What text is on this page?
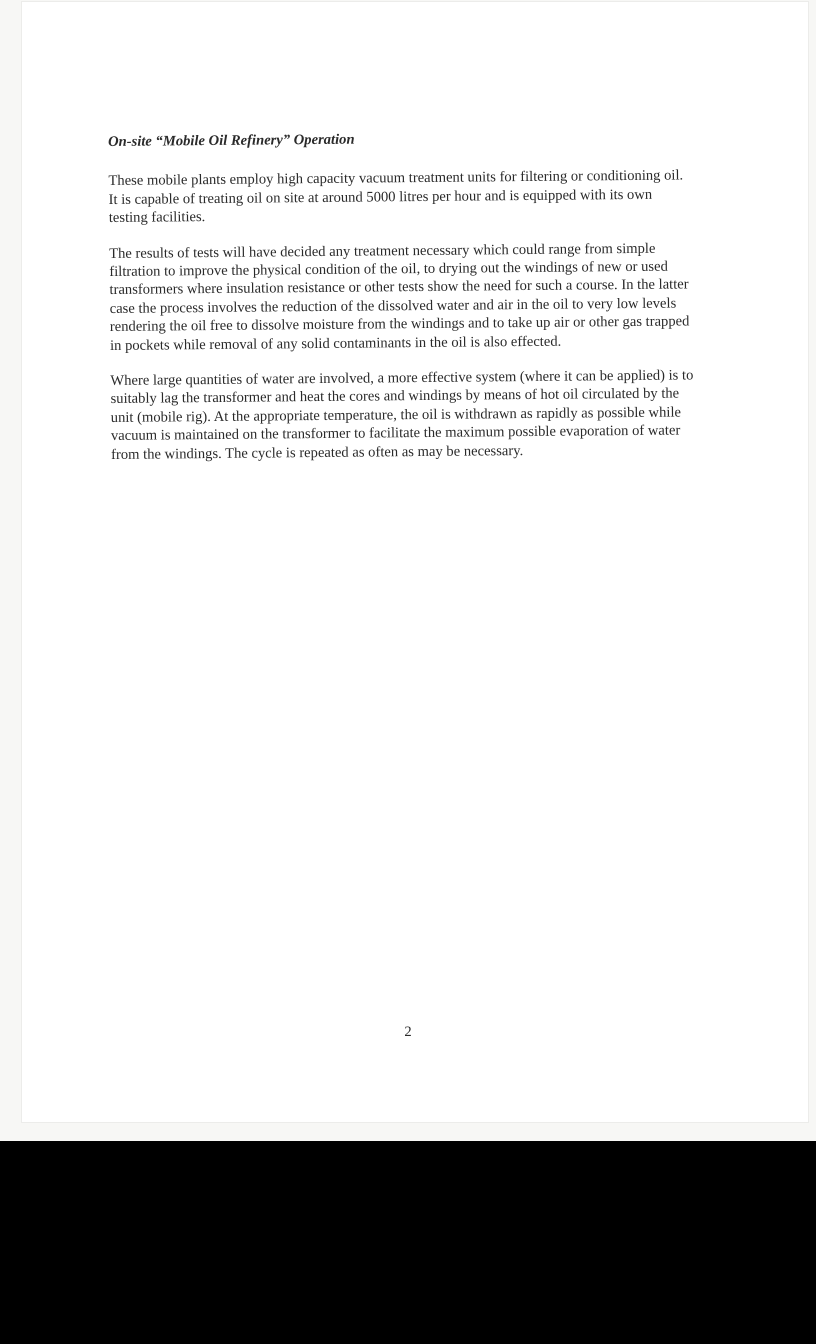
On-site “Mobile Oil Refinery” Operation

These mobile plants employ high capacity vacuum treatment units for filtering or conditioning oil. It is capable of treating oil on site at around 5000 litres per hour and is equipped with its own testing facilities.

The results of tests will have decided any treatment necessary which could range from simple filtration to improve the physical condition of the oil, to drying out the windings of new or used transformers where insulation resistance or other tests show the need for such a course. In the latter case the process involves the reduction of the dissolved water and air in the oil to very low levels rendering the oil free to dissolve moisture from the windings and to take up air or other gas trapped in pockets while removal of any solid contaminants in the oil is also effected.

Where large quantities of water are involved, a more effective system (where it can be applied) is to suitably lag the transformer and heat the cores and windings by means of hot oil circulated by the unit (mobile rig). At the appropriate temperature, the oil is withdrawn as rapidly as possible while vacuum is maintained on the transformer to facilitate the maximum possible evaporation of water from the windings. The cycle is repeated as often as may be necessary.

2
